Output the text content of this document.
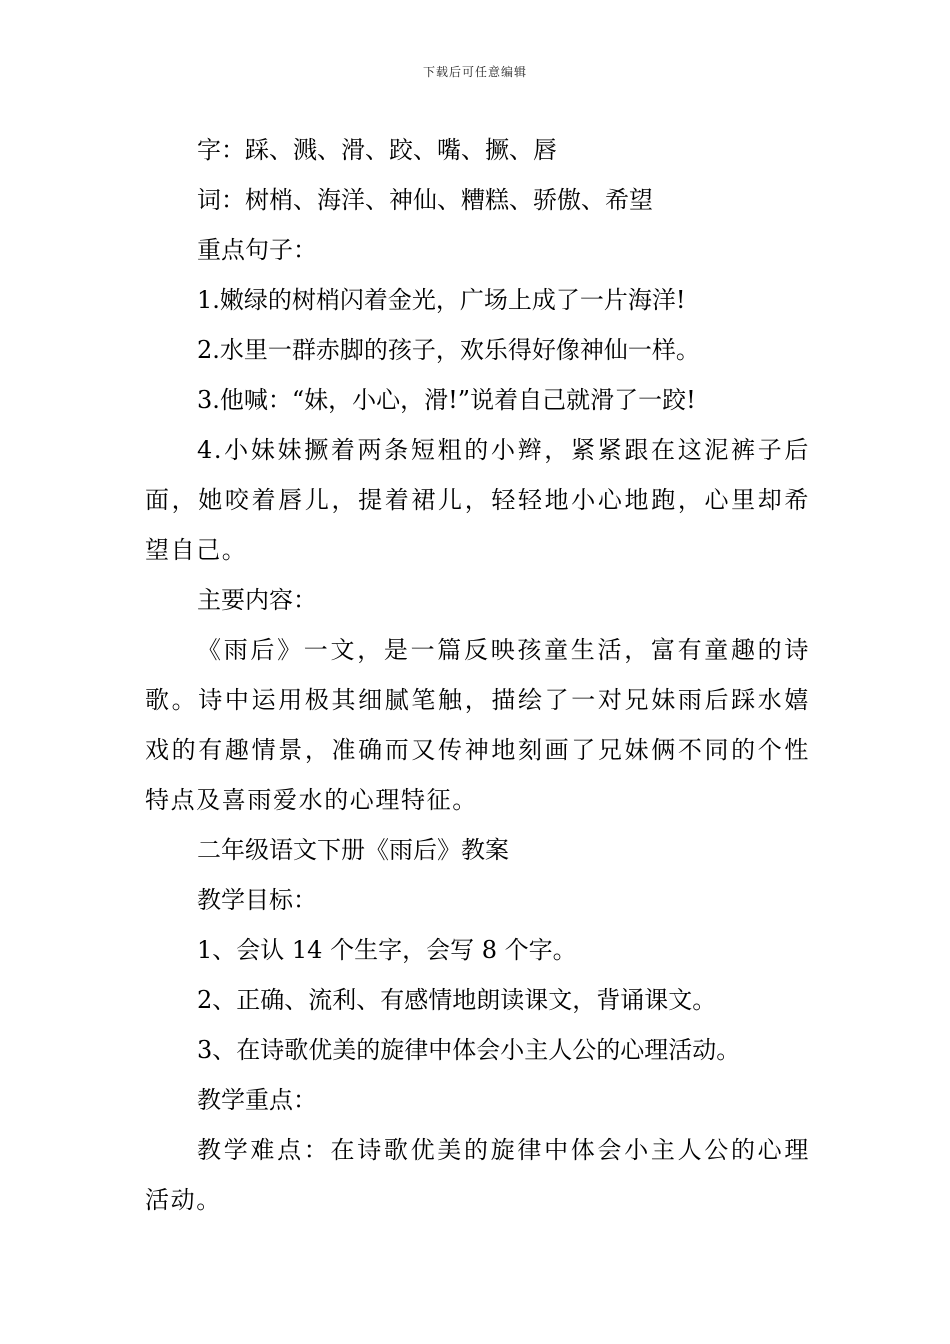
下载后可任意编辑

字：踩、溅、滑、跤、嘴、撅、唇

词：树梢、海洋、神仙、糟糕、骄傲、希望

重点句子：

1.嫩绿的树梢闪着金光，广场上成了一片海洋!

2.水里一群赤脚的孩子，欢乐得好像神仙一样。

3.他喊：“妹，小心，滑!”说着自己就滑了一跤!

4.小妹妹撅着两条短粗的小辫，紧紧跟在这泥裤子后面，她咬着唇儿，提着裙儿，轻轻地小心地跑，心里却希望自己。

主要内容：

《雨后》一文，是一篇反映孩童生活，富有童趣的诗歌。诗中运用极其细腻笔触，描绘了一对兄妹雨后踩水嬉戏的有趣情景，准确而又传神地刻画了兄妹俩不同的个性特点及喜雨爱水的心理特征。

二年级语文下册《雨后》教案

教学目标：

1、会认 14 个生字，会写 8 个字。

2、正确、流利、有感情地朗读课文，背诵课文。

3、在诗歌优美的旋律中体会小主人公的心理活动。

教学重点：

教学难点：在诗歌优美的旋律中体会小主人公的心理活动。
